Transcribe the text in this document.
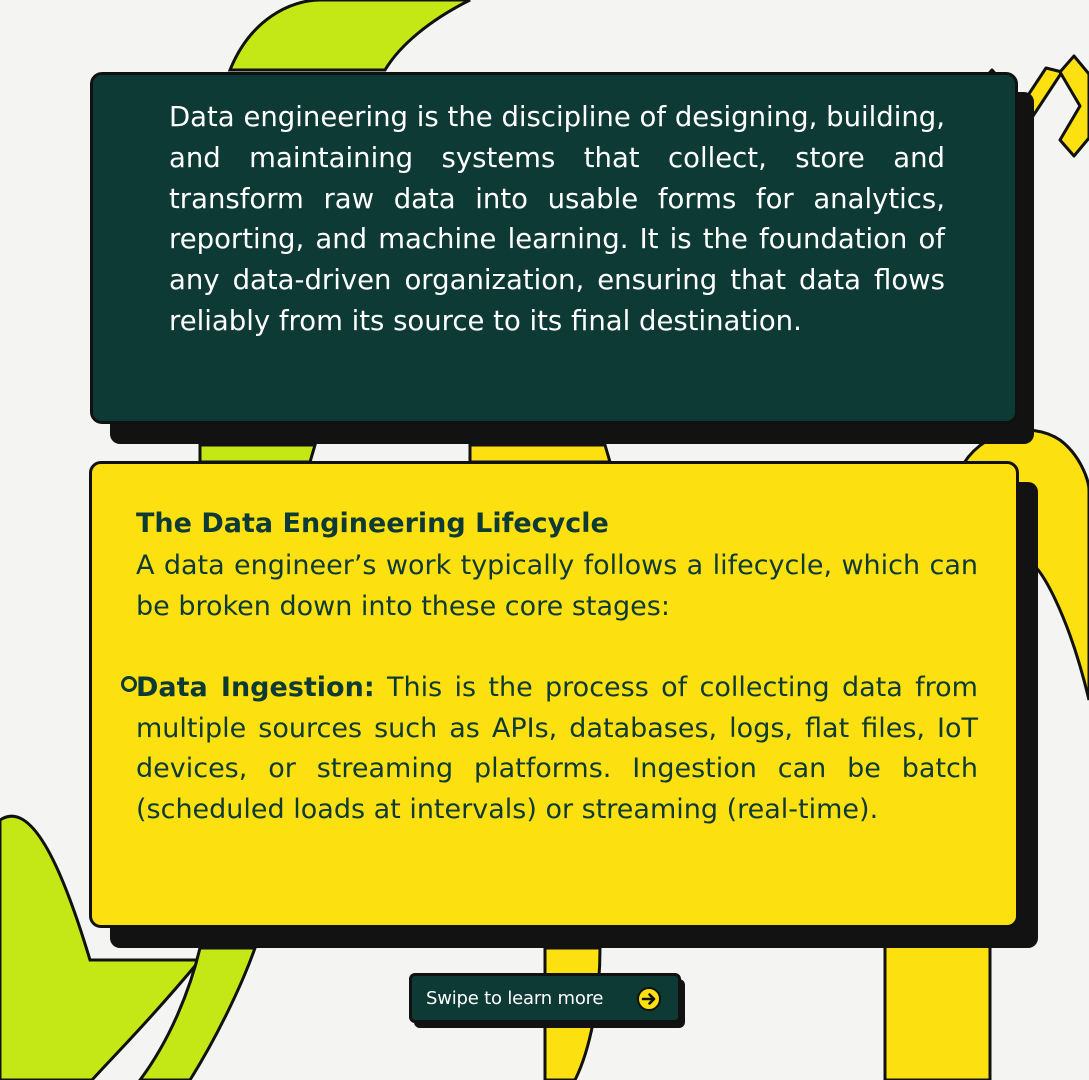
Data engineering is the discipline of designing, building, and maintaining systems that collect, store and transform raw data into usable forms for analytics, reporting, and machine learning. It is the foundation of any data-driven organization, ensuring that data flows reliably from its source to its final destination.

The Data Engineering Lifecycle

A data engineer’s work typically follows a lifecycle, which can be broken down into these core stages:

Data Ingestion: This is the process of collecting data from multiple sources such as APIs, databases, logs, flat files, IoT devices, or streaming platforms. Ingestion can be batch (scheduled loads at intervals) or streaming (real-time).

Swipe to learn more
